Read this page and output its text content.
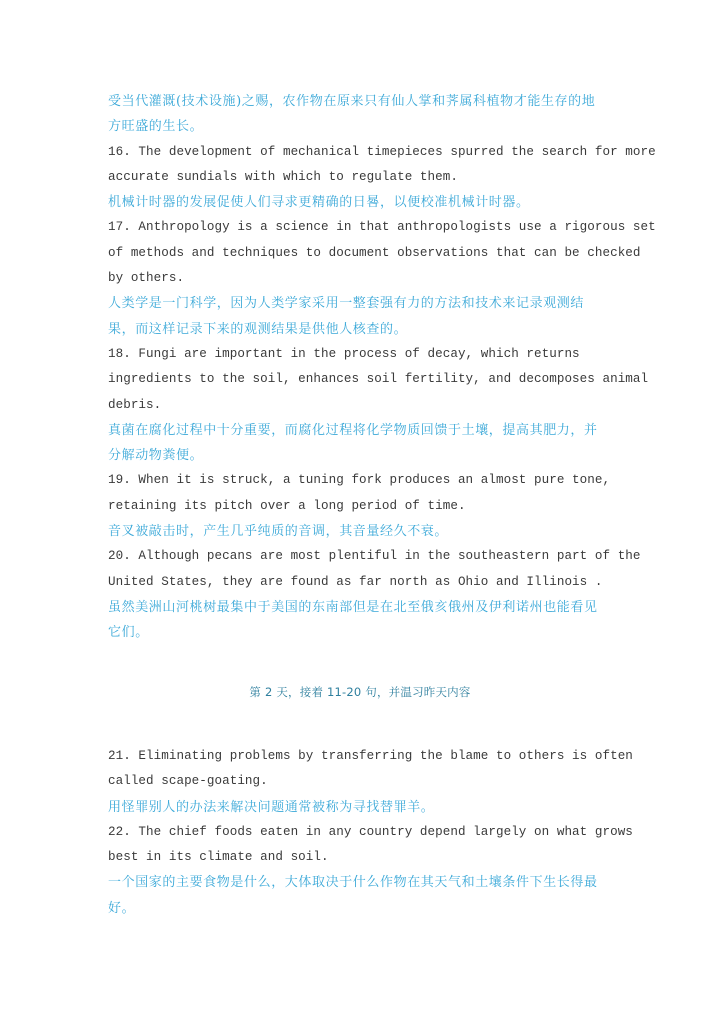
受当代灌溉(技术设施)之赐，农作物在原来只有仙人掌和荠属科植物才能生存的地
方旺盛的生长。
16. The development of mechanical timepieces spurred the search for more
accurate sundials with which to regulate them.
机械计时器的发展促使人们寻求更精确的日晷，以便校准机械计时器。
17. Anthropology is a science in that anthropologists use a rigorous set
of methods and techniques to document observations that can be checked
by others.
人类学是一门科学，因为人类学家采用一整套强有力的方法和技术来记录观测结
果，而这样记录下来的观测结果是供他人核查的。
18. Fungi are important in the process of decay, which returns
ingredients to the soil, enhances soil fertility, and decomposes animal
debris.
真菌在腐化过程中十分重要，而腐化过程将化学物质回馈于土壤，提高其肥力，并
分解动物粪便。
19. When it is struck, a tuning fork produces an almost pure tone,
retaining its pitch over a long period of time.
音叉被敲击时，产生几乎纯质的音调，其音量经久不衰。
20. Although pecans are most plentiful in the southeastern part of the
United States, they are found as far north as Ohio and Illinois .
虽然美洲山河桃树最集中于美国的东南部但是在北至俄亥俄州及伊利诺州也能看见
它们。
第 2 天，接着 11-20 句，并温习昨天内容
21. Eliminating problems by transferring the blame to others is often
called scape-goating.
用怪罪别人的办法来解决问题通常被称为寻找替罪羊。
22. The chief foods eaten in any country depend largely on what grows
best in its climate and soil.
一个国家的主要食物是什么，大体取决于什么作物在其天气和土壤条件下生长得最
好。
